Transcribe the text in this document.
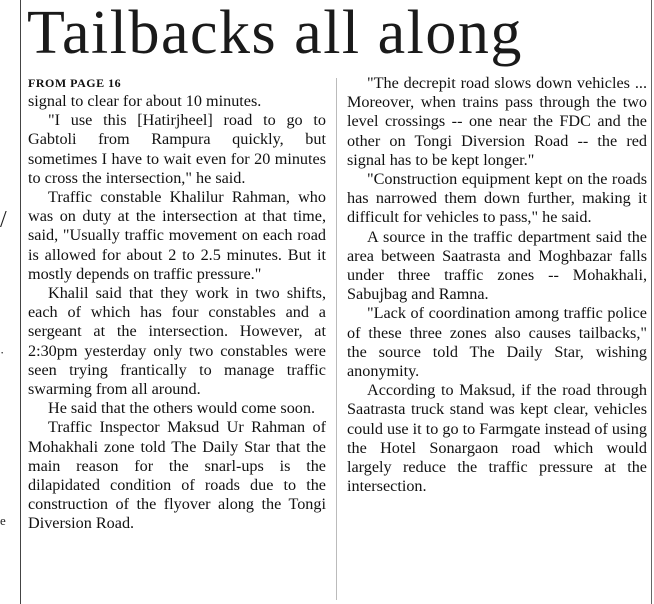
/
·
e
Tailbacks all along
FROM PAGE 16

signal to clear for about 10 minutes.

"I use this [Hatirjheel] road to go to Gabtoli from Rampura quickly, but sometimes I have to wait even for 20 minutes to cross the intersection," he said.

Traffic constable Khalilur Rahman, who was on duty at the intersection at that time, said, "Usually traffic movement on each road is allowed for about 2 to 2.5 minutes. But it mostly depends on traffic pressure."

Khalil said that they work in two shifts, each of which has four constables and a sergeant at the intersection. However, at 2:30pm yesterday only two constables were seen trying frantically to manage traffic swarming from all around.

He said that the others would come soon.

Traffic Inspector Maksud Ur Rahman of Mohakhali zone told The Daily Star that the main reason for the snarl-ups is the dilapidated condition of roads due to the construction of the flyover along the Tongi Diversion Road.

"The decrepit road slows down vehicles ... Moreover, when trains pass through the two level crossings -- one near the FDC and the other on Tongi Diversion Road -- the red signal has to be kept longer."

"Construction equipment kept on the roads has narrowed them down further, making it difficult for vehicles to pass," he said.

A source in the traffic department said the area between Saatrasta and Moghbazar falls under three traffic zones -- Mohakhali, Sabujbag and Ramna.

"Lack of coordination among traffic police of these three zones also causes tailbacks," the source told The Daily Star, wishing anonymity.

According to Maksud, if the road through Saatrasta truck stand was kept clear, vehicles could use it to go to Farmgate instead of using the Hotel Sonargaon road which would largely reduce the traffic pressure at the intersection.
